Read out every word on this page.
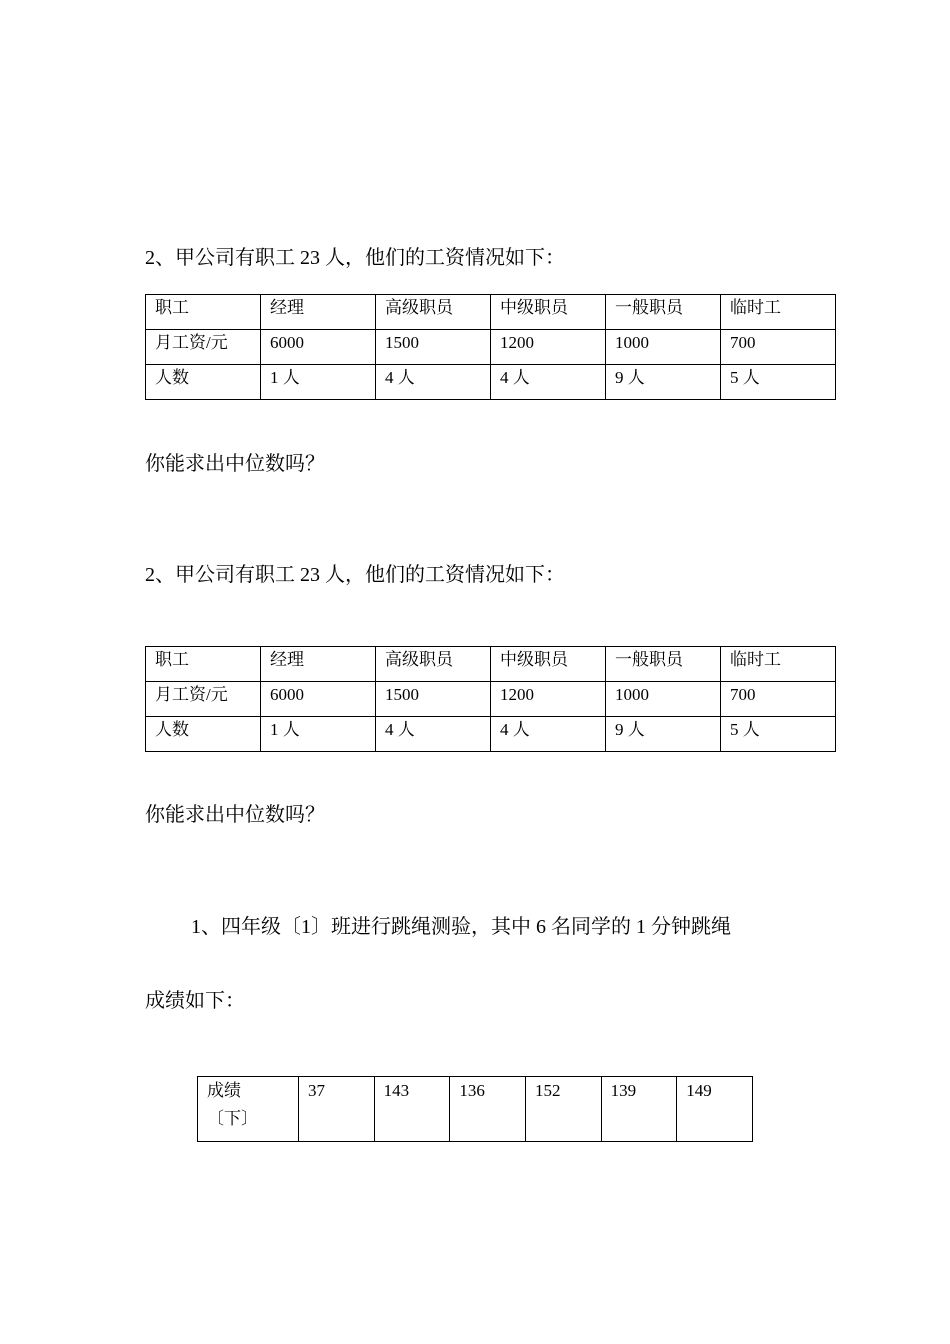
2、甲公司有职工 23 人，他们的工资情况如下：

职工	经理	高级职员	中级职员	一般职员	临时工
月工资/元	6000	1500	1200	1000	700
人数	1 人	4 人	4 人	9 人	5 人

你能求出中位数吗？

2、甲公司有职工 23 人，他们的工资情况如下：

职工	经理	高级职员	中级职员	一般职员	临时工
月工资/元	6000	1500	1200	1000	700
人数	1 人	4 人	4 人	9 人	5 人

你能求出中位数吗？

1、四年级〔1〕班进行跳绳测验，其中 6 名同学的 1 分钟跳绳

成绩如下：

成绩
〔下〕	37	143	136	152	139	149
